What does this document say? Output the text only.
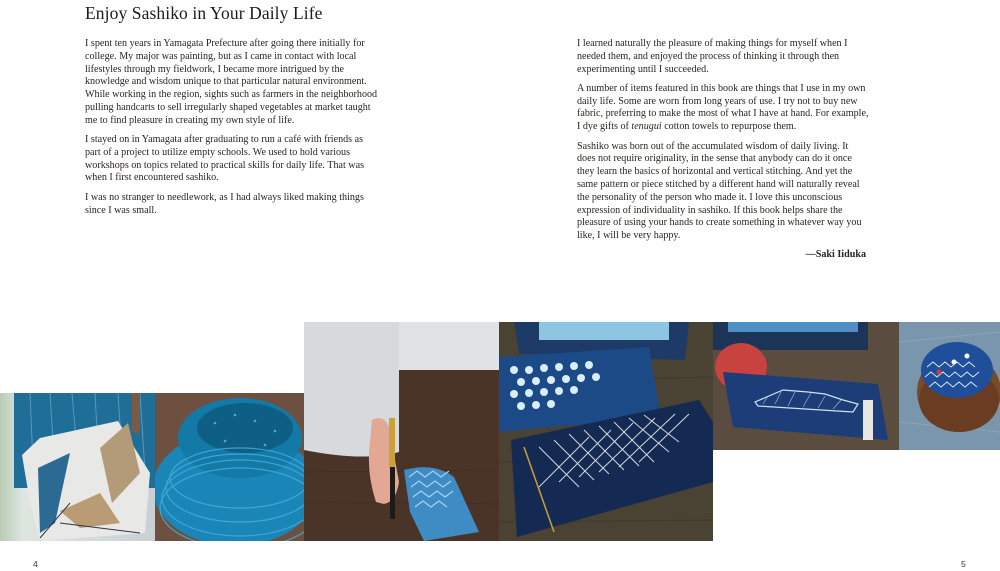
Enjoy Sashiko in Your Daily Life

I spent ten years in Yamagata Prefecture after going there initially for college. My major was painting, but as I came in contact with local lifestyles through my fieldwork, I became more intrigued by the knowledge and wisdom unique to that particular natural environment. While working in the region, sights such as farmers in the neighborhood pulling handcarts to sell irregularly shaped vegetables at market taught me to find pleasure in creating my own style of life.

I stayed on in Yamagata after graduating to run a café with friends as part of a project to utilize empty schools. We used to hold various workshops on topics related to practical skills for daily life. That was when I first encountered sashiko.

I was no stranger to needlework, as I had always liked making things since I was small.

I learned naturally the pleasure of making things for myself when I needed them, and enjoyed the process of thinking it through then experimenting until I succeeded.

A number of items featured in this book are things that I use in my own daily life. Some are worn from long years of use. I try not to buy new fabric, preferring to make the most of what I have at hand. For example, I dye gifts of tenugui cotton towels to repurpose them.

Sashiko was born out of the accumulated wisdom of daily living. It does not require originality, in the sense that anybody can do it once they learn the basics of horizontal and vertical stitching. And yet the same pattern or piece stitched by a different hand will naturally reveal the personality of the person who made it. I love this unconscious expression of individuality in sashiko. If this book helps share the pleasure of using your hands to create something in whatever way you like, I will be very happy.

—Saki Iiduka

4	5
